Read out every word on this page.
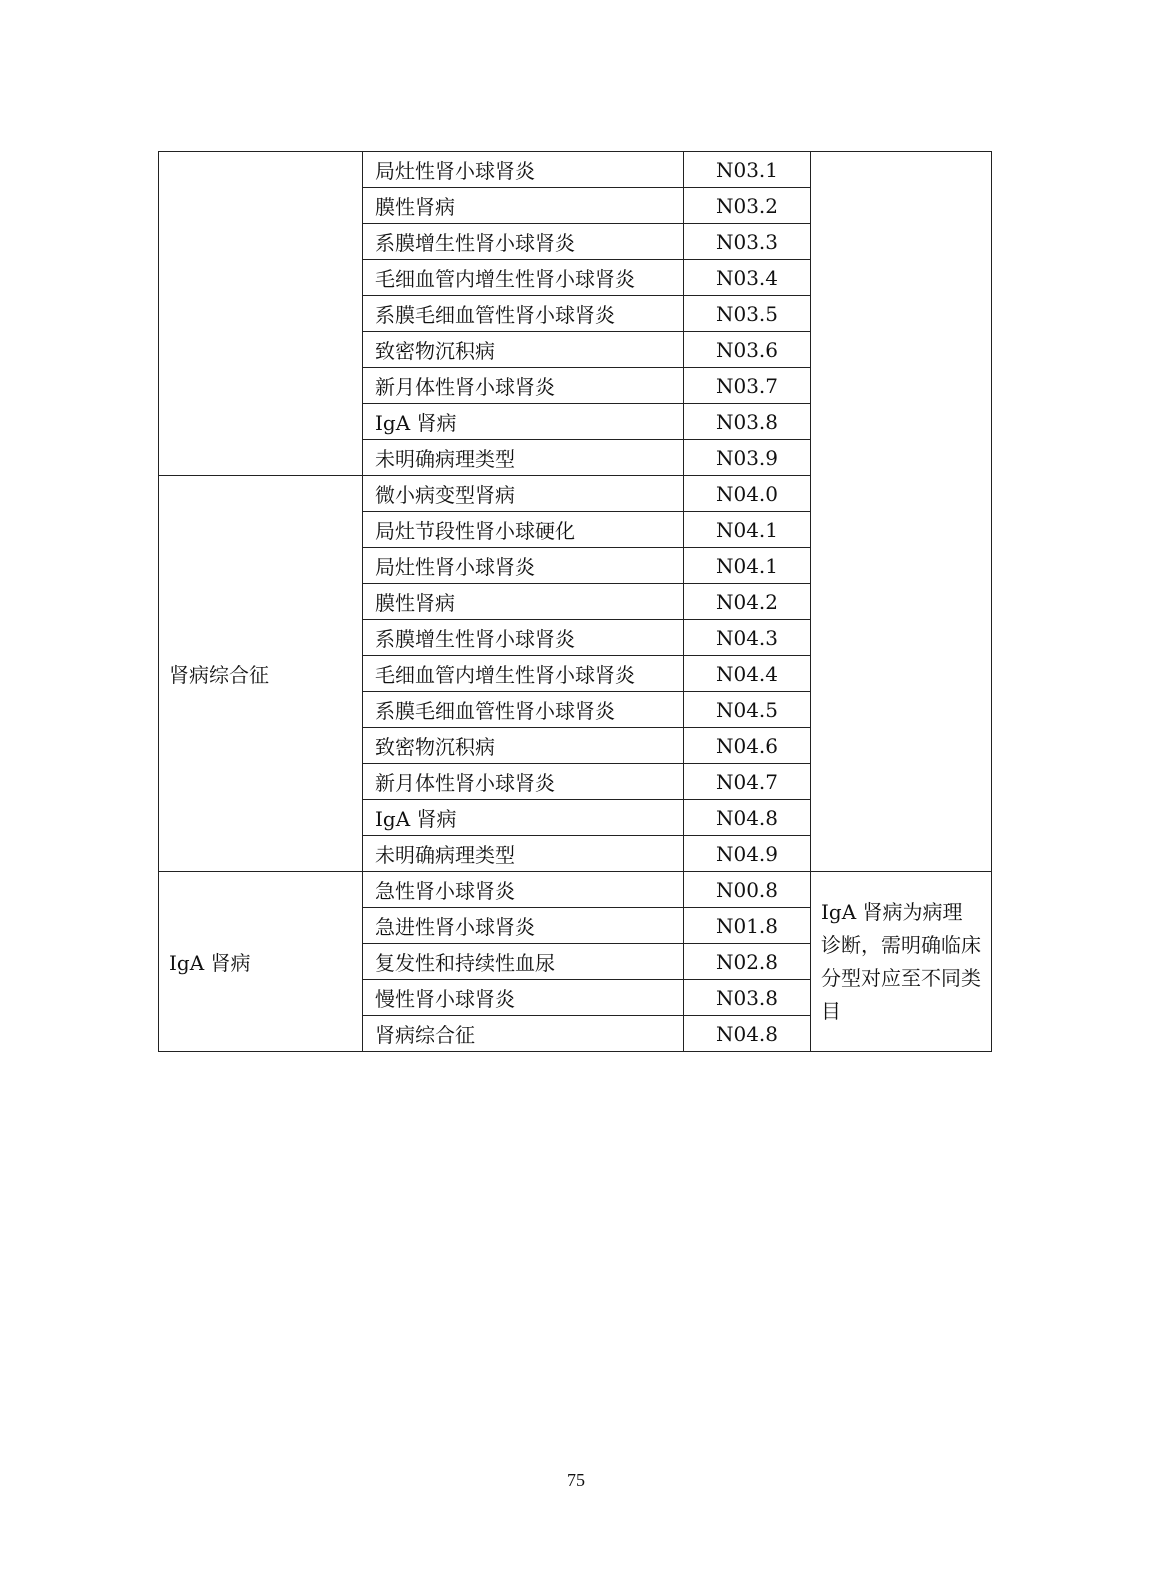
	局灶性肾小球肾炎	N03.1	
	膜性肾病	N03.2	
	系膜增生性肾小球肾炎	N03.3	
	毛细血管内增生性肾小球肾炎	N03.4	
	系膜毛细血管性肾小球肾炎	N03.5	
	致密物沉积病	N03.6	
	新月体性肾小球肾炎	N03.7	
	IgA 肾病	N03.8	
	未明确病理类型	N03.9	
肾病综合征	微小病变型肾病	N04.0	
	局灶节段性肾小球硬化	N04.1	
	局灶性肾小球肾炎	N04.1	
	膜性肾病	N04.2	
	系膜增生性肾小球肾炎	N04.3	
	毛细血管内增生性肾小球肾炎	N04.4	
	系膜毛细血管性肾小球肾炎	N04.5	
	致密物沉积病	N04.6	
	新月体性肾小球肾炎	N04.7	
	IgA 肾病	N04.8	
	未明确病理类型	N04.9	
IgA 肾病	急性肾小球肾炎	N00.8	IgA 肾病为病理诊断，需明确临床分型对应至不同类目
	急进性肾小球肾炎	N01.8	
	复发性和持续性血尿	N02.8	
	慢性肾小球肾炎	N03.8	
	肾病综合征	N04.8	
75
